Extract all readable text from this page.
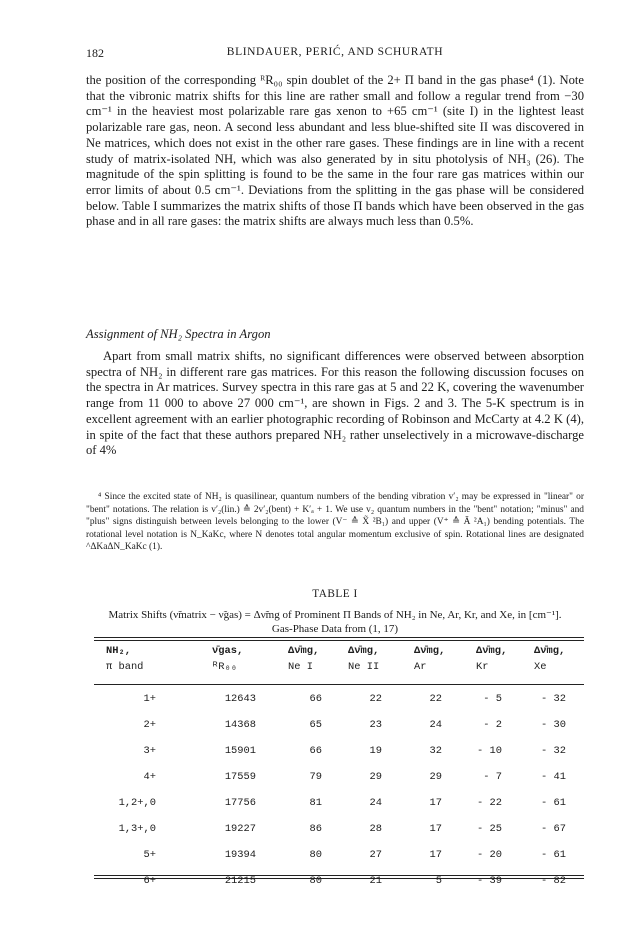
182	BLINDAUER, PERIĆ, AND SCHURATH

the position of the corresponding ᴿR₀₀ spin doublet of the 2+ Π band in the gas phase⁴ (1). Note that the vibronic matrix shifts for this line are rather small and follow a regular trend from −30 cm⁻¹ in the heaviest most polarizable rare gas xenon to +65 cm⁻¹ (site I) in the lightest least polarizable rare gas, neon. A second less abundant and less blue-shifted site II was discovered in Ne matrices, which does not exist in the other rare gases. These findings are in line with a recent study of matrix-isolated NH, which was also generated by in situ photolysis of NH₃ (26). The magnitude of the spin splitting is found to be the same in the four rare gas matrices within our error limits of about 0.5 cm⁻¹. Deviations from the splitting in the gas phase will be considered below. Table I summarizes the matrix shifts of those Π bands which have been observed in the gas phase and in all rare gases: the matrix shifts are always much less than 0.5%.

Assignment of NH₂ Spectra in Argon

Apart from small matrix shifts, no significant differences were observed between absorption spectra of NH₂ in different rare gas matrices. For this reason the following discussion focuses on the spectra in Ar matrices. Survey spectra in this rare gas at 5 and 22 K, covering the wavenumber range from 11 000 to above 27 000 cm⁻¹, are shown in Figs. 2 and 3. The 5-K spectrum is in excellent agreement with an earlier photographic recording of Robinson and McCarty at 4.2 K (4), in spite of the fact that these authors prepared NH₂ rather unselectively in a microwave-discharge of 4%

⁴ Since the excited state of NH₂ is quasilinear, quantum numbers of the bending vibration v′₂ may be expressed in "linear" or "bent" notations. The relation is v′₂(lin.) ≙ 2v′₂(bent) + K′ₐ + 1. We use v₂ quantum numbers in the "bent" notation; "minus" and "plus" signs distinguish between levels belonging to the lower (V⁻ ≙ X̃ ²B₁) and upper (V⁺ ≙ Ã ²A₁) bending potentials. The rotational level notation is N_KaKc, where N denotes total angular momentum exclusive of spin. Rotational lines are designated ^ΔKaΔN_KaKc (1).

TABLE I
Matrix Shifts (ν̃matrix − ν̃gas) = Δν̃mg of Prominent Π Bands of NH₂ in Ne, Ar, Kr, and Xe, in [cm⁻¹].
Gas-Phase Data from (1, 17)
NH₂,	ν̄gas,	Δν̄mg,	Δν̄mg,	Δν̄mg,	Δν̄mg,	Δν̄mg,
π band	ᴿR₀₀	Ne I	Ne II	Ar	Kr	Xe
1+	12643	66	22	22	- 5	- 32
2+	14368	65	23	24	- 2	- 30
3+	15901	66	19	32	- 10	- 32
4+	17559	79	29	29	- 7	- 41
1,2+,0	17756	81	24	17	- 22	- 61
1,3+,0	19227	86	28	17	- 25	- 67
5+	19394	80	27	17	- 20	- 61
6+	21215	80	21	5	- 39	- 82
